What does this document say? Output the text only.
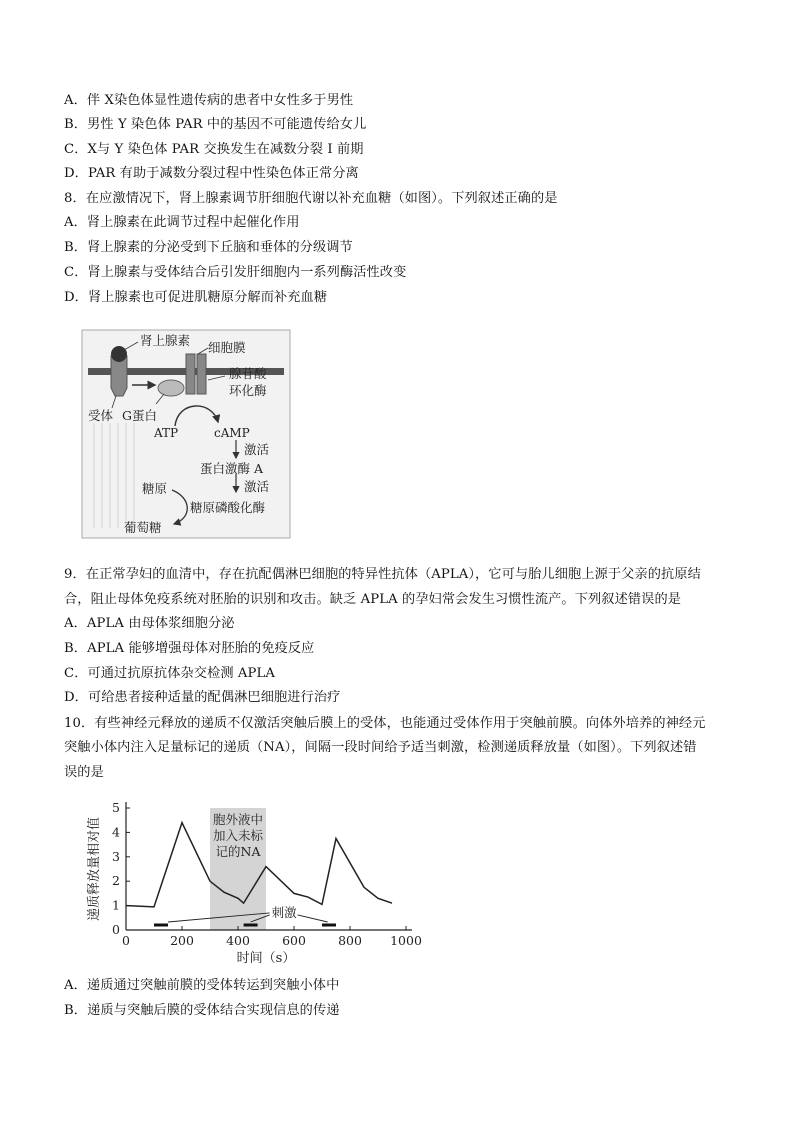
A．伴 X染色体显性遗传病的患者中女性多于男性
B．男性 Y 染色体 PAR 中的基因不可能遗传给女儿
C．X与 Y 染色体 PAR 交换发生在减数分裂 I 前期
D．PAR 有助于减数分裂过程中性染色体正常分离
8．在应激情况下，肾上腺素调节肝细胞代谢以补充血糖（如图）。下列叙述正确的是
A．肾上腺素在此调节过程中起催化作用
B．肾上腺素的分泌受到下丘脑和垂体的分级调节
C．肾上腺素与受体结合后引发肝细胞内一系列酶活性改变
D．肾上腺素也可促进肌糖原分解而补充血糖
肾上腺素 细胞膜
腺苷酸
环化酶
受体 G蛋白
ATP	cAMP
激活
蛋白激酶 A
激活
糖原
糖原磷酸化酶
葡萄糖
9．在正常孕妇的血清中，存在抗配偶淋巴细胞的特异性抗体（APLA），它可与胎儿细胞上源于父亲的抗原结
合，阻止母体免疫系统对胚胎的识别和攻击。缺乏 APLA 的孕妇常会发生习惯性流产。下列叙述错误的是
A．APLA 由母体浆细胞分泌
B．APLA 能够增强母体对胚胎的免疫反应
C．可通过抗原抗体杂交检测 APLA
D．可给患者接种适量的配偶淋巴细胞进行治疗
10．有些神经元释放的递质不仅激活突触后膜上的受体，也能通过受体作用于突触前膜。向体外培养的神经元
突触小体内注入足量标记的递质（NA），间隔一段时间给予适当刺激，检测递质释放量（如图）。下列叙述错
误的是
胞外液中
加入未标
记的NA
0
1
2
3
4
5
0	200	400	600	800 1000
时间（s）
递质释放量相对值	刺激
A．递质通过突触前膜的受体转运到突触小体中
B．递质与突触后膜的受体结合实现信息的传递
